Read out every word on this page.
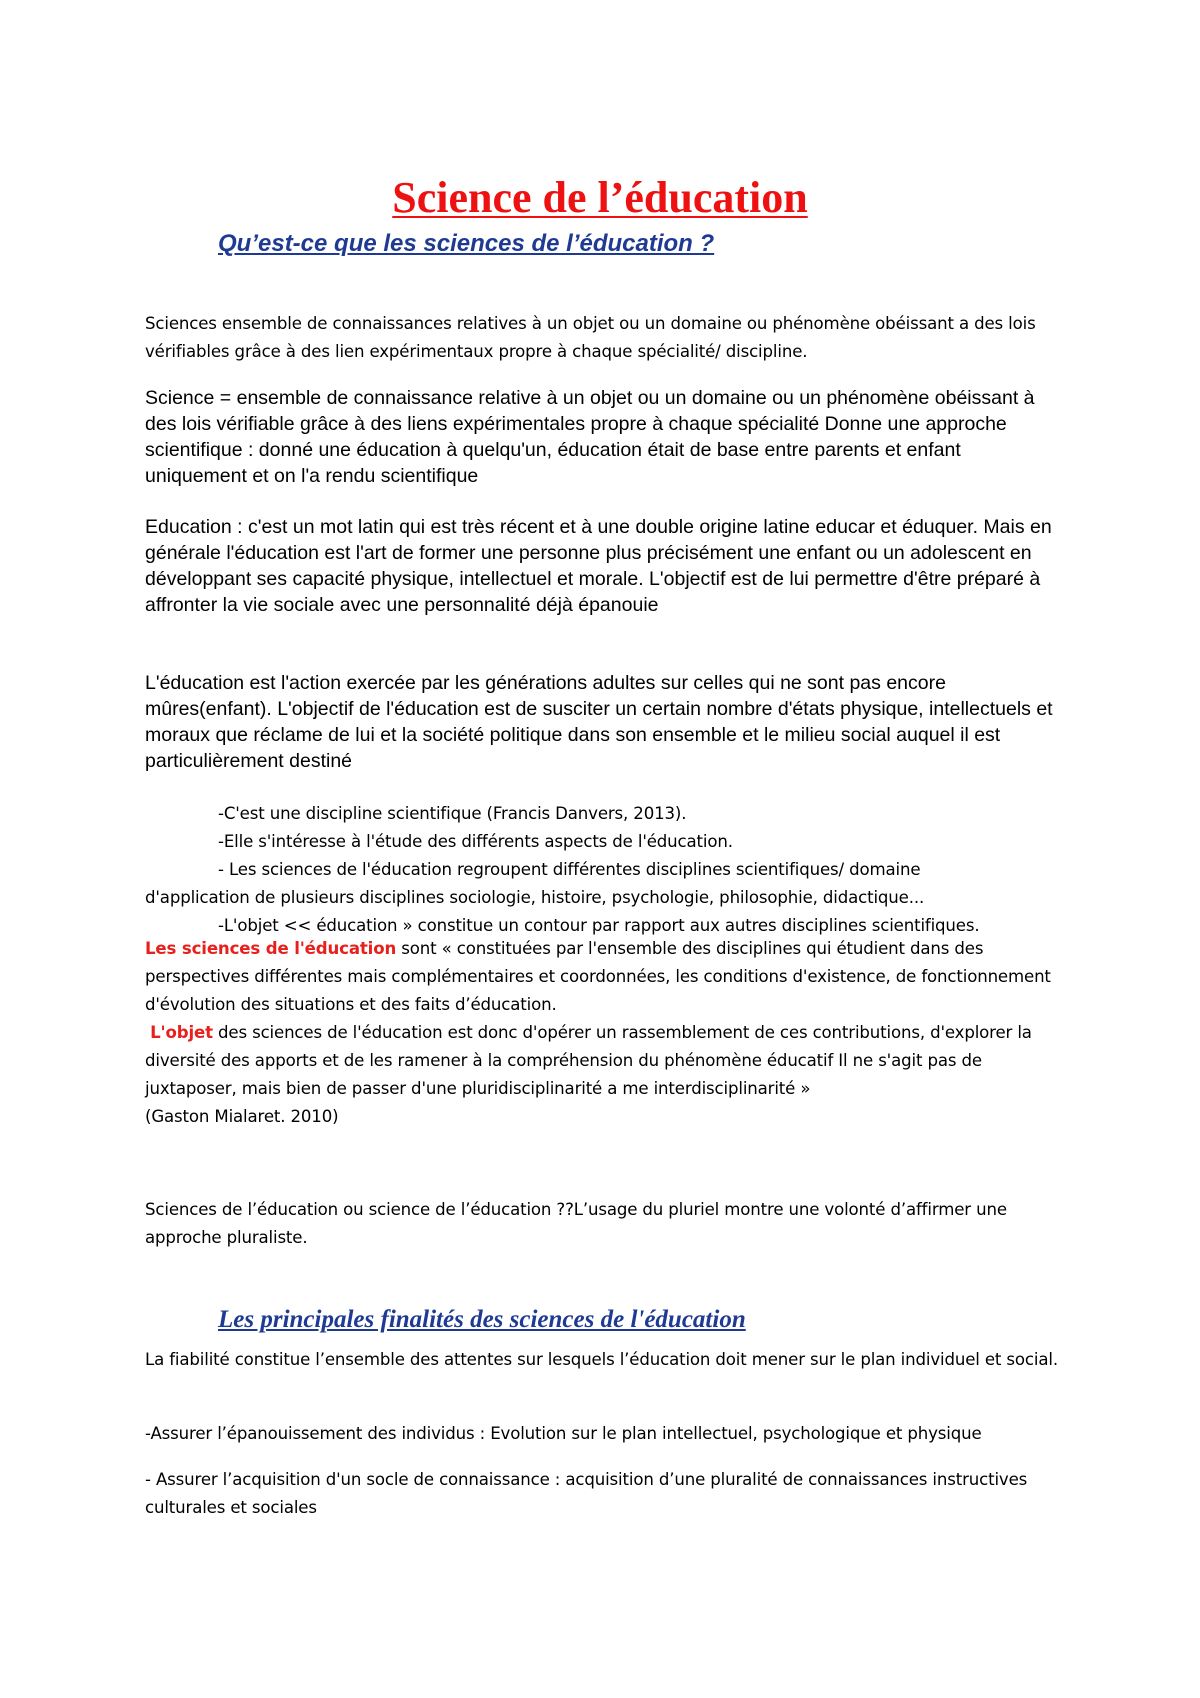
Science de l’éducation
Qu’est-ce que les sciences de l’éducation ?

Sciences ensemble de connaissances relatives à un objet ou un domaine ou phénomène obéissant a des lois vérifiables grâce à des lien expérimentaux propre à chaque spécialité/ discipline.

Science = ensemble de connaissance relative à un objet ou un domaine ou un phénomène obéissant à des lois vérifiable grâce à des liens expérimentales propre à chaque spécialité Donne une approche scientifique : donné une éducation à quelqu'un, éducation était de base entre parents et enfant uniquement et on l'a rendu scientifique

Education : c'est un mot latin qui est très récent et à une double origine latine educar et éduquer. Mais en générale l'éducation est l'art de former une personne plus précisément une enfant ou un adolescent en développant ses capacité physique, intellectuel et morale. L'objectif est de lui permettre d'être préparé à affronter la vie sociale avec une personnalité déjà épanouie

L'éducation est l'action exercée par les générations adultes sur celles qui ne sont pas encore mûres(enfant). L'objectif de l'éducation est de susciter un certain nombre d'états physique, intellectuels et moraux que réclame de lui et la société politique dans son ensemble et le milieu social auquel il est particulièrement destiné

-C'est une discipline scientifique (Francis Danvers, 2013).

-Elle s'intéresse à l'étude des différents aspects de l'éducation.

- Les sciences de l'éducation regroupent différentes disciplines scientifiques/ domaine

d'application de plusieurs disciplines sociologie, histoire, psychologie, philosophie, didactique...

-L'objet << éducation » constitue un contour par rapport aux autres disciplines scientifiques.

Les sciences de l'éducation sont « constituées par l'ensemble des disciplines qui étudient dans des perspectives différentes mais complémentaires et coordonnées, les conditions d'existence, de fonctionnement d'évolution des situations et des faits d’éducation.

L'objet des sciences de l'éducation est donc d'opérer un rassemblement de ces contributions, d'explorer la diversité des apports et de les ramener à la compréhension du phénomène éducatif Il ne s'agit pas de juxtaposer, mais bien de passer d'une pluridisciplinarité a me interdisciplinarité »

(Gaston Mialaret. 2010)

Sciences de l’éducation ou science de l’éducation ??L’usage du pluriel montre une volonté d’affirmer une approche pluraliste.

Les principales finalités des sciences de l'éducation

La fiabilité constitue l’ensemble des attentes sur lesquels l’éducation doit mener sur le plan individuel et social.

-Assurer l’épanouissement des individus : Evolution sur le plan intellectuel, psychologique et physique

- Assurer l’acquisition d'un socle de connaissance : acquisition d’une pluralité de connaissances instructives culturales et sociales
